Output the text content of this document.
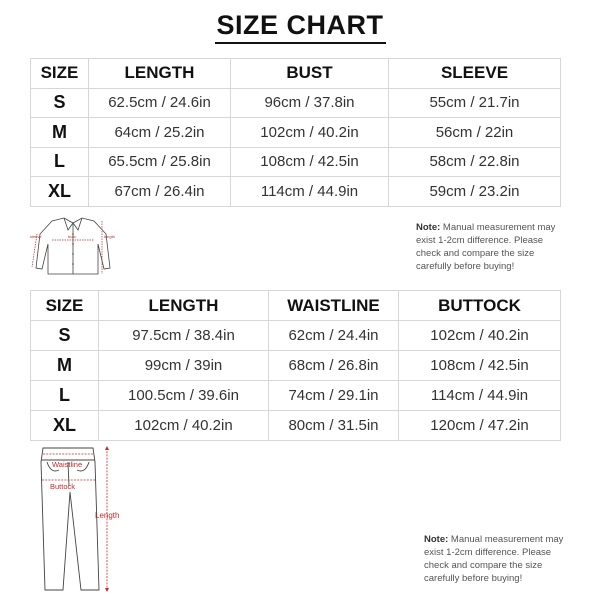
SIZE CHART
SIZE	LENGTH	BUST	SLEEVE
S	62.5cm / 24.6in	96cm / 37.8in	55cm / 21.7in
M	64cm / 25.2in	102cm / 40.2in	56cm / 22in
L	65.5cm / 25.8in	108cm / 42.5in	58cm / 22.8in
XL	67cm / 26.4in	114cm / 44.9in	59cm / 23.2in
sleeve	bust	length
Note: Manual measurement may
exist 1-2cm difference. Please
check and compare the size
carefully before buying!
SIZE	LENGTH	WAISTLINE	BUTTOCK
S	97.5cm / 38.4in	62cm / 24.4in	102cm / 40.2in
M	99cm / 39in	68cm / 26.8in	108cm / 42.5in
L	100.5cm / 39.6in	74cm / 29.1in	114cm / 44.9in
XL	102cm / 40.2in	80cm / 31.5in	120cm / 47.2in
Waistline
Buttock
Length
Note: Manual measurement may
exist 1-2cm difference. Please
check and compare the size
carefully before buying!
